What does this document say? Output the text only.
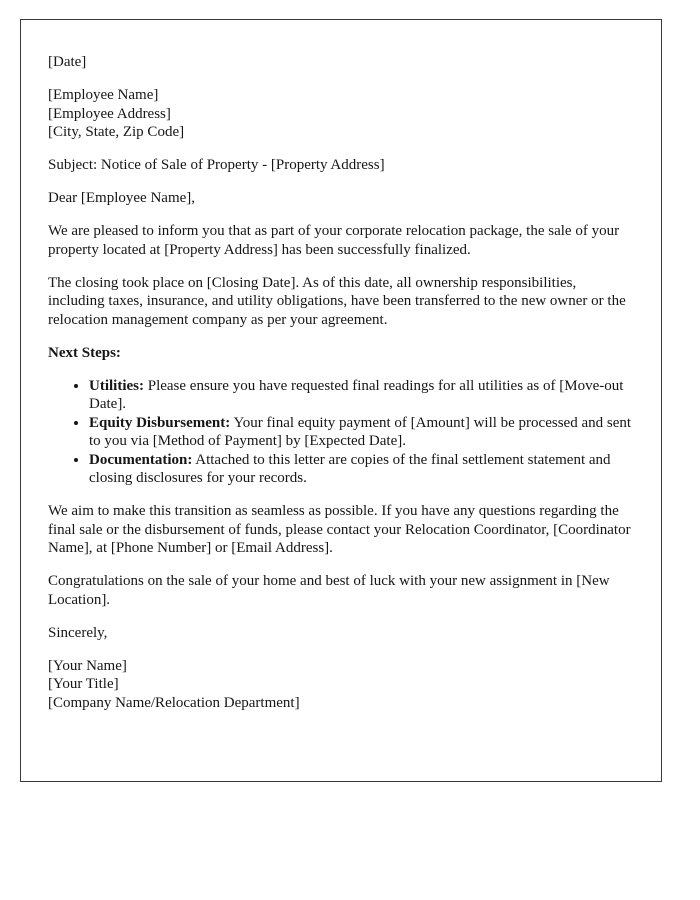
[Date]

[Employee Name]
[Employee Address]
[City, State, Zip Code]

Subject: Notice of Sale of Property - [Property Address]

Dear [Employee Name],

We are pleased to inform you that as part of your corporate relocation package, the sale of your property located at [Property Address] has been successfully finalized.

The closing took place on [Closing Date]. As of this date, all ownership responsibilities, including taxes, insurance, and utility obligations, have been transferred to the new owner or the relocation management company as per your agreement.

Next Steps:

• Utilities: Please ensure you have requested final readings for all utilities as of [Move-out Date].
• Equity Disbursement: Your final equity payment of [Amount] will be processed and sent to you via [Method of Payment] by [Expected Date].
• Documentation: Attached to this letter are copies of the final settlement statement and closing disclosures for your records.

We aim to make this transition as seamless as possible. If you have any questions regarding the final sale or the disbursement of funds, please contact your Relocation Coordinator, [Coordinator Name], at [Phone Number] or [Email Address].

Congratulations on the sale of your home and best of luck with your new assignment in [New Location].

Sincerely,

[Your Name]
[Your Title]
[Company Name/Relocation Department]
